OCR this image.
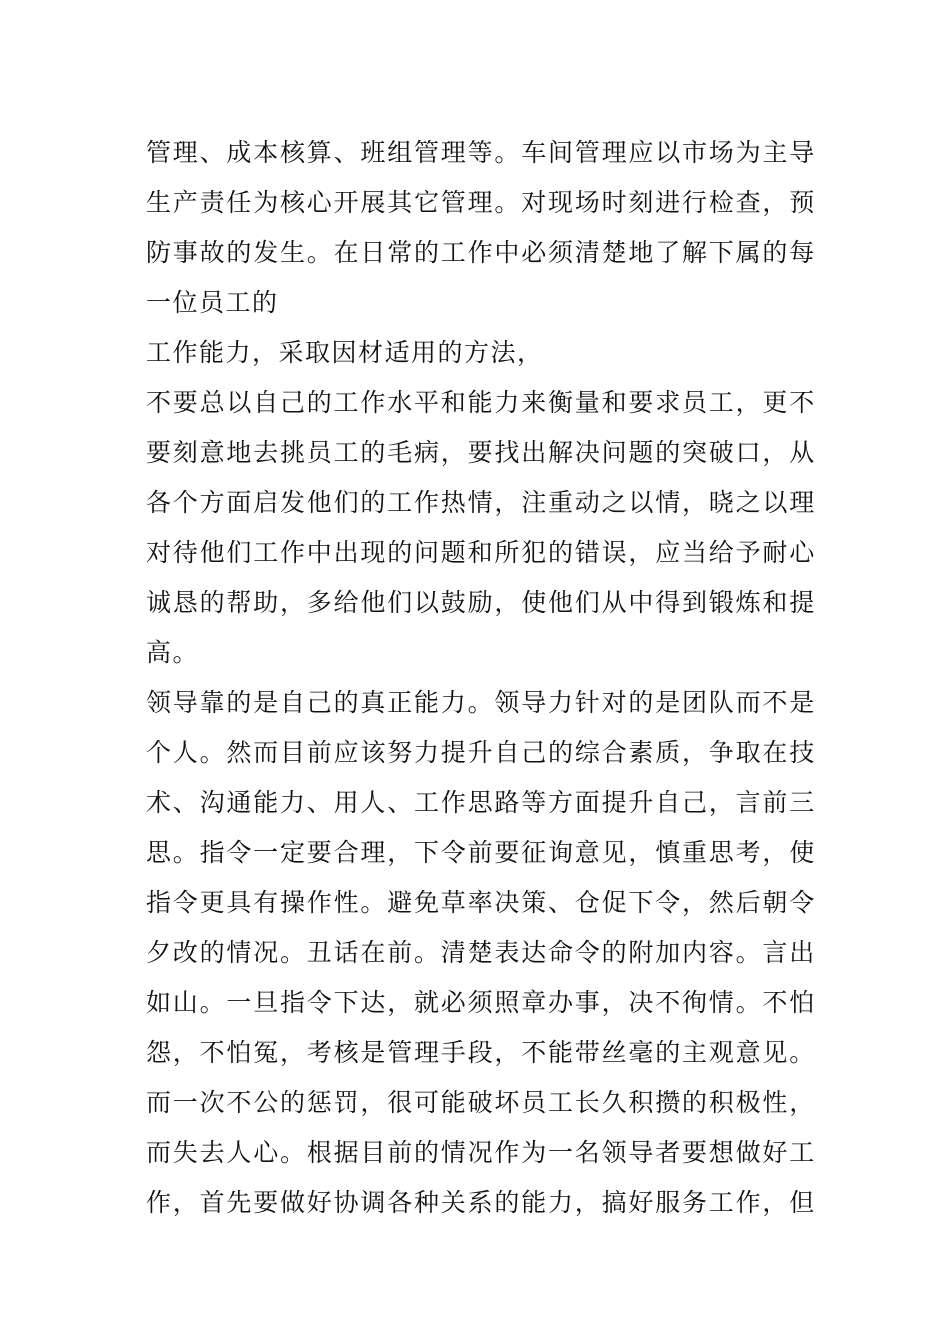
管理、成本核算、班组管理等。车间管理应以市场为主导

生产责任为核心开展其它管理。对现场时刻进行检查，预

防事故的发生。在日常的工作中必须清楚地了解下属的每

一位员工的

工作能力，采取因材适用的方法，

不要总以自己的工作水平和能力来衡量和要求员工，更不

要刻意地去挑员工的毛病，要找出解决问题的突破口，从

各个方面启发他们的工作热情，注重动之以情，晓之以理

对待他们工作中出现的问题和所犯的错误，应当给予耐心

诚恳的帮助，多给他们以鼓励，使他们从中得到锻炼和提

高。

领导靠的是自己的真正能力。领导力针对的是团队而不是

个人。然而目前应该努力提升自己的综合素质，争取在技

术、沟通能力、用人、工作思路等方面提升自己，言前三

思。指令一定要合理，下令前要征询意见，慎重思考，使

指令更具有操作性。避免草率决策、仓促下令，然后朝令

夕改的情况。丑话在前。清楚表达命令的附加内容。言出

如山。一旦指令下达，就必须照章办事，决不徇情。不怕

怨，不怕冤，考核是管理手段，不能带丝毫的主观意见。

而一次不公的惩罚，很可能破坏员工长久积攒的积极性，

而失去人心。根据目前的情况作为一名领导者要想做好工

作，首先要做好协调各种关系的能力，搞好服务工作，但
